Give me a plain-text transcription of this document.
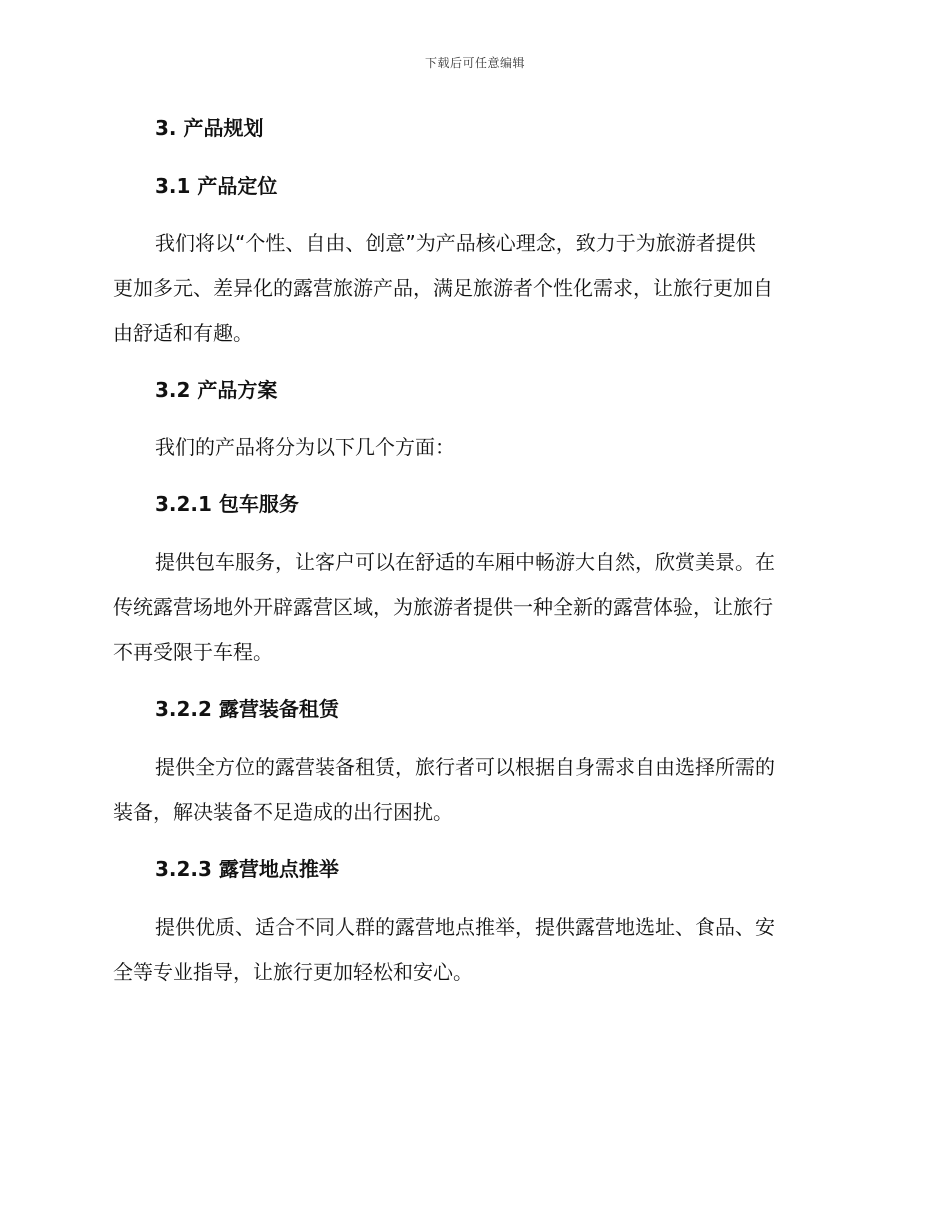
下载后可任意编辑
3. 产品规划
3.1 产品定位
我们将以“个性、自由、创意”为产品核心理念，致力于为旅游者提供
更加多元、差异化的露营旅游产品，满足旅游者个性化需求，让旅行更加自
由舒适和有趣。
3.2 产品方案
我们的产品将分为以下几个方面：
3.2.1 包车服务
提供包车服务，让客户可以在舒适的车厢中畅游大自然，欣赏美景。在
传统露营场地外开辟露营区域，为旅游者提供一种全新的露营体验，让旅行
不再受限于车程。
3.2.2 露营装备租赁
提供全方位的露营装备租赁，旅行者可以根据自身需求自由选择所需的
装备，解决装备不足造成的出行困扰。
3.2.3 露营地点推举
提供优质、适合不同人群的露营地点推举，提供露营地选址、食品、安
全等专业指导，让旅行更加轻松和安心。
